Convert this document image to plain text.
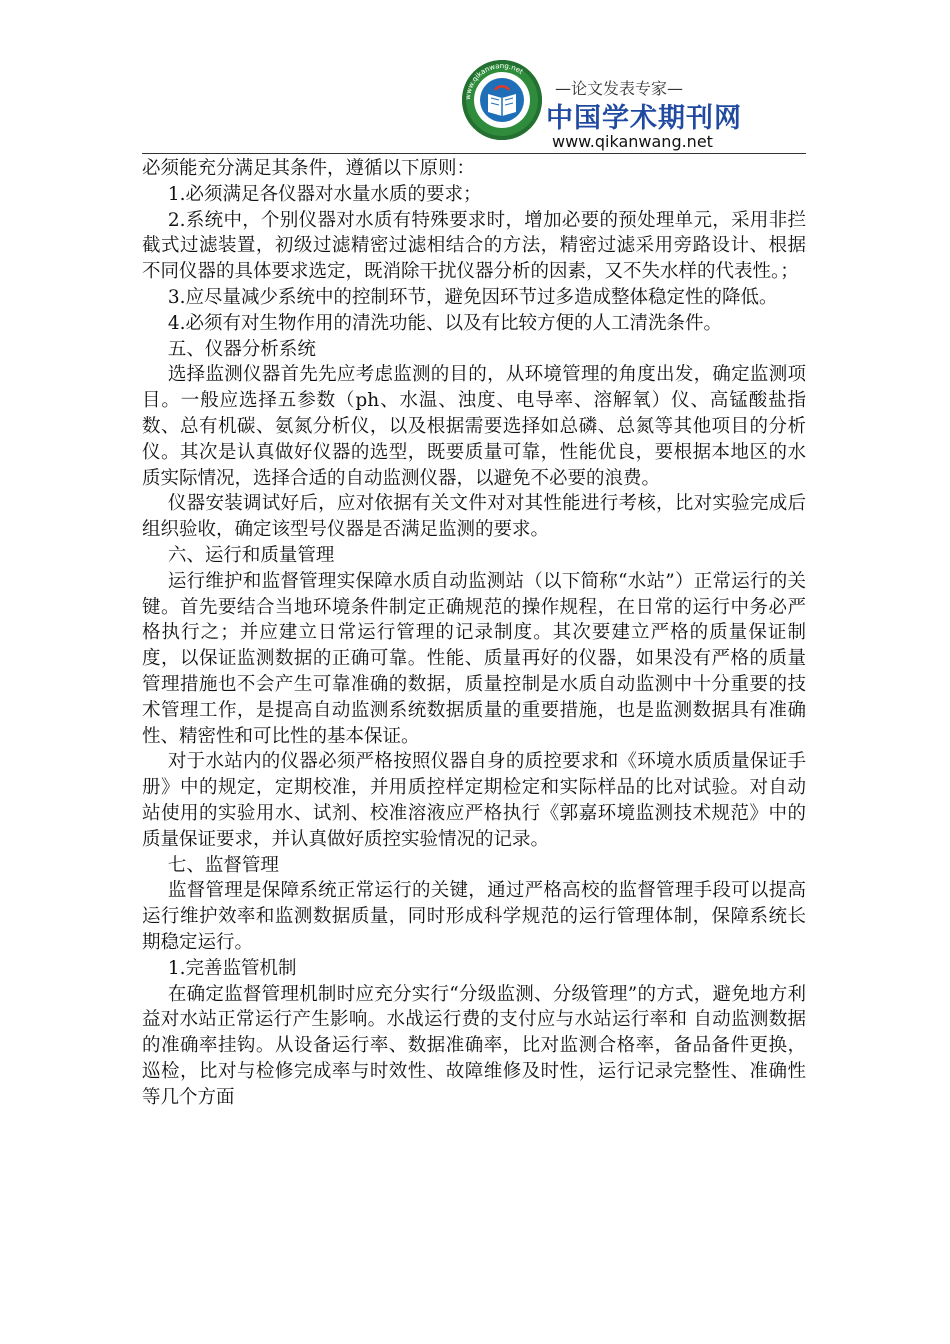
www.qikanwang.net
—论文发表专家—
中国学术期刊网
www.qikanwang.net

必须能充分满足其条件，遵循以下原则：

1.必须满足各仪器对水量水质的要求；

2.系统中，个别仪器对水质有特殊要求时，增加必要的预处理单元，采用非拦截式过滤装置，初级过滤精密过滤相结合的方法，精密过滤采用旁路设计、根据不同仪器的具体要求选定，既消除干扰仪器分析的因素，又不失水样的代表性。；

3.应尽量减少系统中的控制环节，避免因环节过多造成整体稳定性的降低。

4.必须有对生物作用的清洗功能、以及有比较方便的人工清洗条件。

五、仪器分析系统

选择监测仪器首先先应考虑监测的目的，从环境管理的角度出发，确定监测项目。一般应选择五参数（ph、水温、浊度、电导率、溶解氧）仪、高锰酸盐指数、总有机碳、氨氮分析仪，以及根据需要选择如总磷、总氮等其他项目的分析仪。其次是认真做好仪器的选型，既要质量可靠，性能优良，要根据本地区的水质实际情况，选择合适的自动监测仪器，以避免不必要的浪费。

仪器安装调试好后，应对依据有关文件对对其性能进行考核，比对实验完成后组织验收，确定该型号仪器是否满足监测的要求。

六、运行和质量管理

运行维护和监督管理实保障水质自动监测站（以下简称“水站”）正常运行的关键。首先要结合当地环境条件制定正确规范的操作规程，在日常的运行中务必严格执行之；并应建立日常运行管理的记录制度。其次要建立严格的质量保证制度，以保证监测数据的正确可靠。性能、质量再好的仪器，如果没有严格的质量管理措施也不会产生可靠准确的数据，质量控制是水质自动监测中十分重要的技术管理工作，是提高自动监测系统数据质量的重要措施，也是监测数据具有准确性、精密性和可比性的基本保证。

对于水站内的仪器必须严格按照仪器自身的质控要求和《环境水质质量保证手册》中的规定，定期校准，并用质控样定期检定和实际样品的比对试验。对自动站使用的实验用水、试剂、校准溶液应严格执行《郭嘉环境监测技术规范》中的质量保证要求，并认真做好质控实验情况的记录。

七、监督管理

监督管理是保障系统正常运行的关键，通过严格高校的监督管理手段可以提高运行维护效率和监测数据质量，同时形成科学规范的运行管理体制，保障系统长期稳定运行。

1.完善监管机制

在确定监督管理机制时应充分实行“分级监测、分级管理”的方式，避免地方利益对水站正常运行产生影响。水战运行费的支付应与水站运行率和 自动监测数据的准确率挂钩。从设备运行率、数据准确率，比对监测合格率，备品备件更换，巡检，比对与检修完成率与时效性、故障维修及时性，运行记录完整性、准确性等几个方面
